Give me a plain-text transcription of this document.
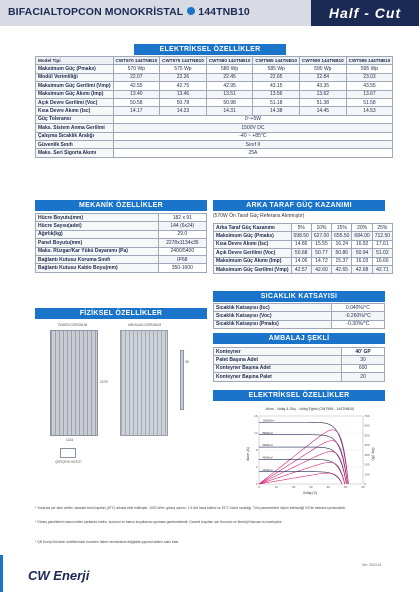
BIFACIALTOPCON MONOKRİSTAL 144TNB10	Half - Cut
ELEKTRİKSEL ÖZELLİKLER
Model Tipi	CWT570 144TNB10	CWT575 144TNB10	CWT580 144TNB10	CWT585 144TNB10	CWT590 144TNB10	CWT595 144TNB10
Maksimum Güç (Pmaks)	570 Wp	575 Wp	580 Wp	585 Wp	590 Wp	595 Wp
Modül Verimliliği	22.07	22.26	22.45	22.65	22.84	23.03
Maksimum Güç Gerilimi (Vmp)	42.55	42.75	42.95	43.15	43.35	43.55
Maksimum Güç Akımı (Imp)	13.40	13.46	13.51	13.56	13.62	13.67
Açık Devre Gerilimi (Voc)	50.58	50.78	50.98	51.18	51.38	51.58
Kısa Devre Akımı (Isc)	14.17	14.23	14.31	14.38	14.45	14.53
Güç Toleransı	0~+5W					
Maks. Sistem Anma Gerilimi	1500V DC					
Çalışma Sıcaklık Aralığı	-40 ~ +85°C					
Güvenlik Sınıfı	Sınıf II					
Maks. Seri Sigorta Akımı	25A					
MEKANİK ÖZELLİKLER
Hücre Boyutu(mm)	182 x 91
Hücre Sayısı(adet)	144 (6x24)
Ağırlık(kg)	29.0
Panel Boyutu(mm)	2278x1134x35
Maks. Rüzgar/Kar Yükü Dayanımı (Pa)	2400/5400
Bağlantı Kutusu Koruma Sınıfı	IP68
Bağlantı Kutusu Kablo Boyu(mm)	350-1600
ARKA TARAF GÜÇ KAZANIMI
(570W Ön Taraf Güç Referans Alınmıştır)
Arka Taraf Güç Kazanımı	5%	10%	15%	20%	25%
Maksimum Güç (Pmaks)	598.50	627.00	655.50	684.00	712.50
Kısa Devre Akımı (Isc)	14.86	15.55	16.24	16.92	17.61
Açık Devre Gerilimi (Voc)	50.68	50.77	50.86	50.94	51.02
Maksimum Güç Akımı (Imp)	14.06	14.72	15.37	16.03	16.66
Maksimum Güç Gerilimi (Vmp)	42.57	42.60	42.65	42.68	42.71
FİZİKSEL ÖZELLİKLER
ÖNDEN GÖRÜNÜM	ARKADAN GÖRÜNÜM
1134
2278
35
ÇERÇEVE KESİTİ
SICAKLIK KATSAYISI
Sıcaklık Katsayısı (Isc)	0.040%/°C
Sıcaklık Katsayısı (Voc)	-0.260%/°C
Sıcaklık Katsayısı (Pmaks)	-0.30%/°C
AMBALAJ ŞEKLİ
Konteyner	40' GP
Palet Başına Adet	30
Konteyner Başına Adet	600
Konteyner Başına Palet	20
ELEKTRİKSEL ÖZELLİKLER
Akım - Voltaj & Güç - Voltaj Eğrisi (CWT595 - 144TNB10)
Voltaj (V)
Akım (A)	Güç (W)
0	10	20	30	40	50	60
0
4
8
12
16
0
100
200
300
400
500
600
700
1000W/m²
800W/m²
600W/m²
400W/m²
200W/m²
* Yukarıda yer alan veriler, standart test koşulları (STC) altında elde edilmiştir: 1000 W/m² güneş ışınımı, 1.5 AM hava kütlesi ve 25°C hücre sıcaklığı. Tüm parametreler ölçüm belirsizliği %3 ile tolerans içerisindedir.
* Güneş panellerinin kabul edilen şartlarda üretim, kurulum ve bakım koşullarına uyulması gerekmektedir. Garanti koşulları için Kurulum ve Montaj Kılavuzu'nu inceleyiniz.
* Çift Enerji ürünlerin özelliklerinde önceden haber vermeksizin değişiklik yapma hakkını saklı tutar.
CW Enerji
Ver. 2024.01
